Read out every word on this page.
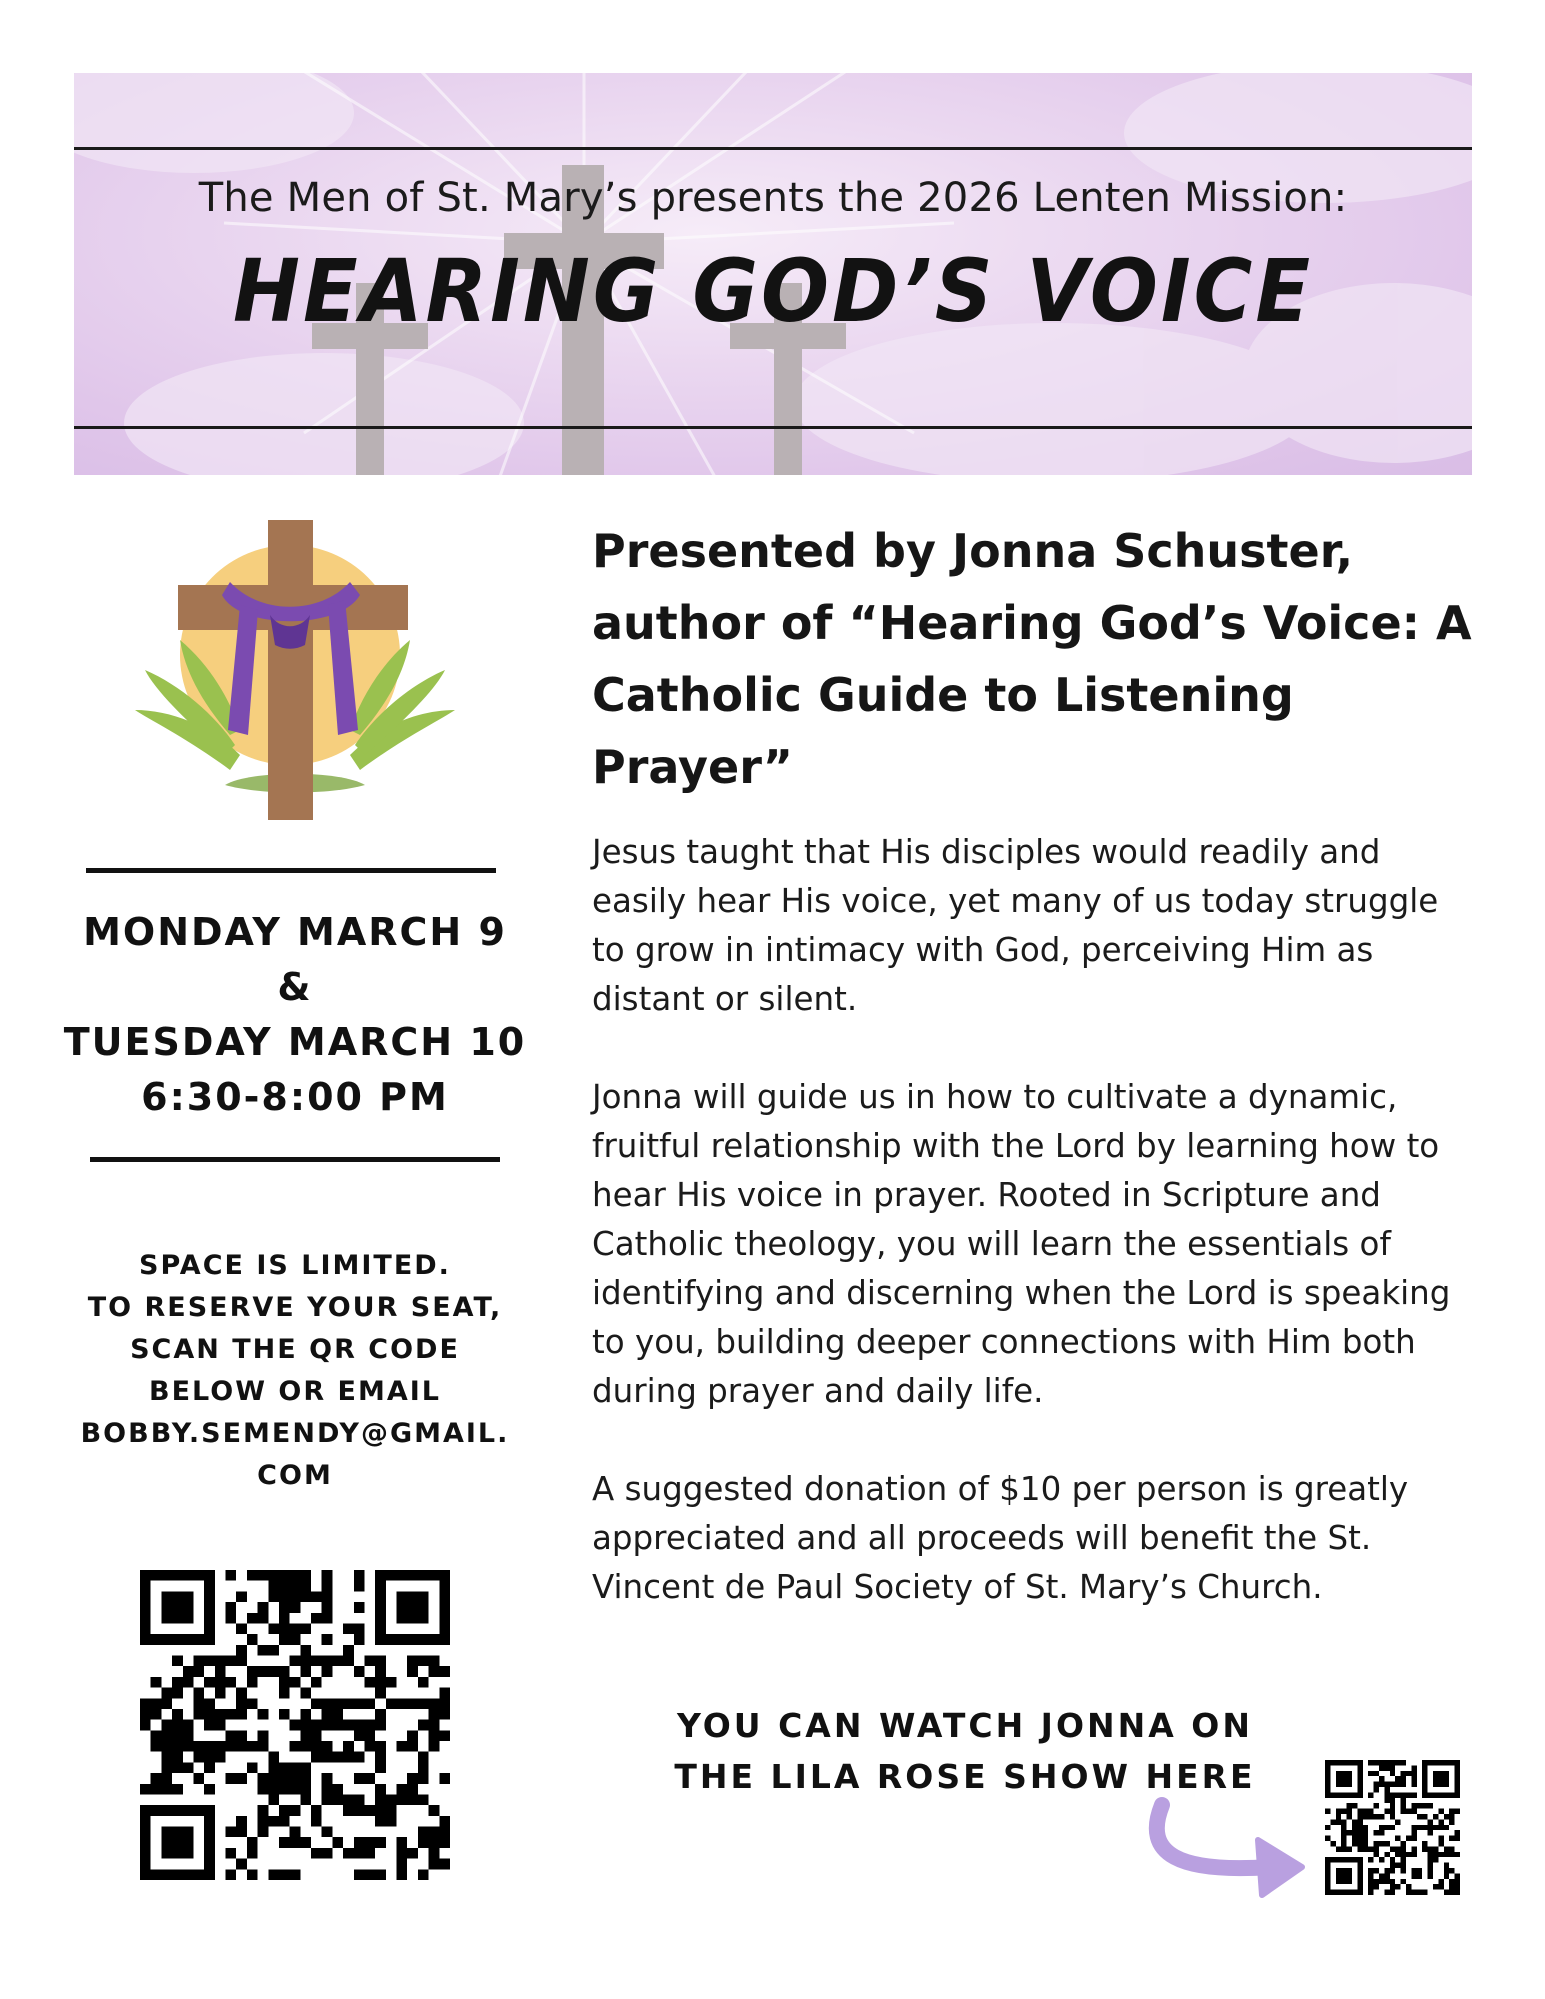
The Men of St. Mary’s presents the 2026 Lenten Mission:
HEARING GOD’S VOICE
MONDAY MARCH 9
&
TUESDAY MARCH 10
6:30-8:00 PM
SPACE IS LIMITED.
TO RESERVE YOUR SEAT,
SCAN THE QR CODE
BELOW OR EMAIL
BOBBY.SEMENDY@GMAIL.
COM
Presented by Jonna Schuster,
author of “Hearing God’s Voice: A
Catholic Guide to Listening
Prayer”
Jesus taught that His disciples would readily and
easily hear His voice, yet many of us today struggle
to grow in intimacy with God, perceiving Him as
distant or silent.
Jonna will guide us in how to cultivate a dynamic,
fruitful relationship with the Lord by learning how to
hear His voice in prayer. Rooted in Scripture and
Catholic theology, you will learn the essentials of
identifying and discerning when the Lord is speaking
to you, building deeper connections with Him both
during prayer and daily life.
A suggested donation of $10 per person is greatly
appreciated and all proceeds will benefit the St.
Vincent de Paul Society of St. Mary’s Church.
YOU CAN WATCH JONNA ON
THE LILA ROSE SHOW HERE
